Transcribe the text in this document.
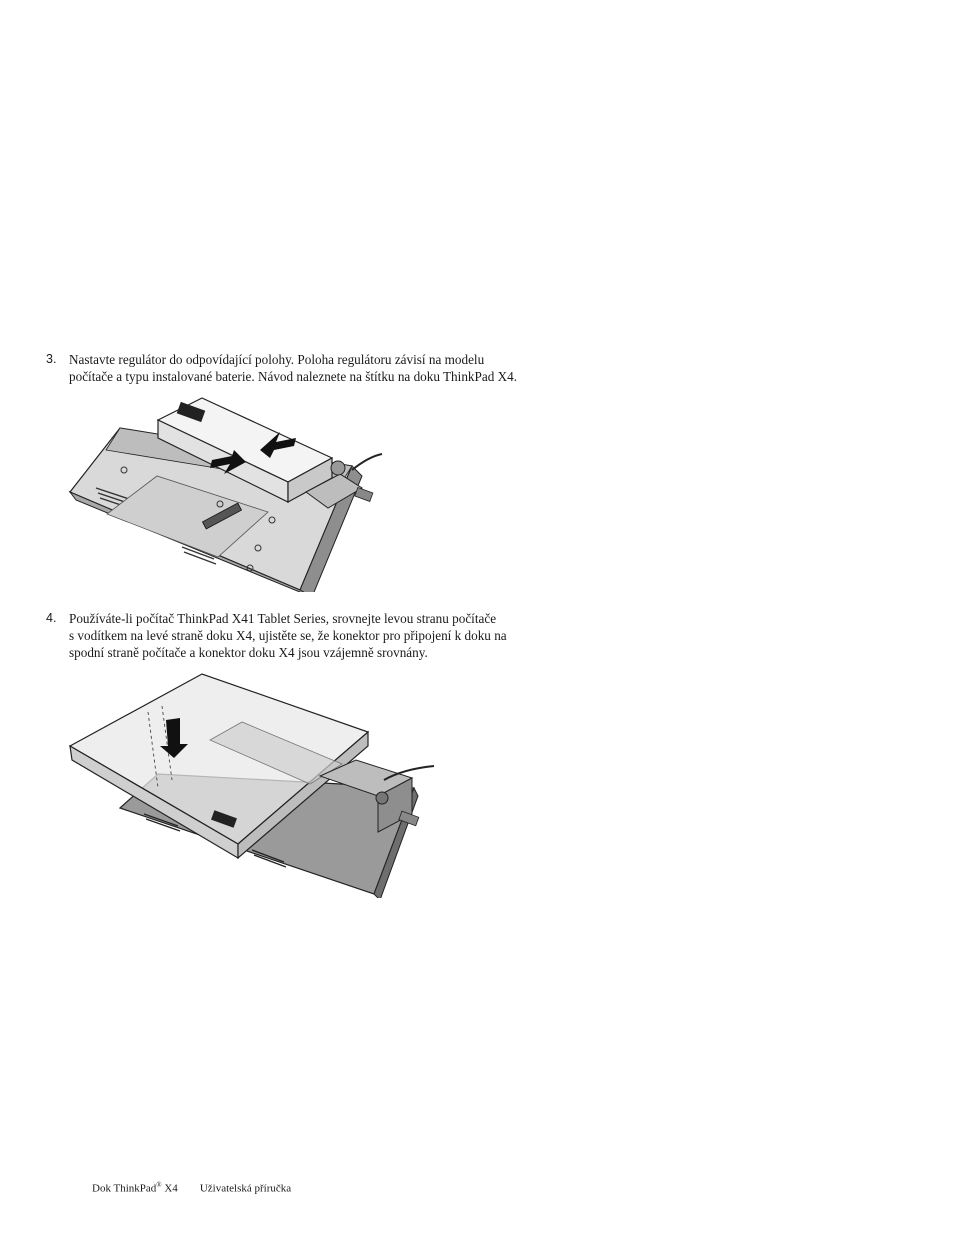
3. Nastavte regulátor do odpovídající polohy. Poloha regulátoru závisí na modelu
počítače a typu instalované baterie. Návod naleznete na štítku na doku ThinkPad X4.
4. Používáte-li počítač ThinkPad X41 Tablet Series, srovnejte levou stranu počítače
s vodítkem na levé straně doku X4, ujistěte se, že konektor pro připojení k doku na
spodní straně počítače a konektor doku X4 jsou vzájemně srovnány.
Dok ThinkPad® X4 Uživatelská příručka
